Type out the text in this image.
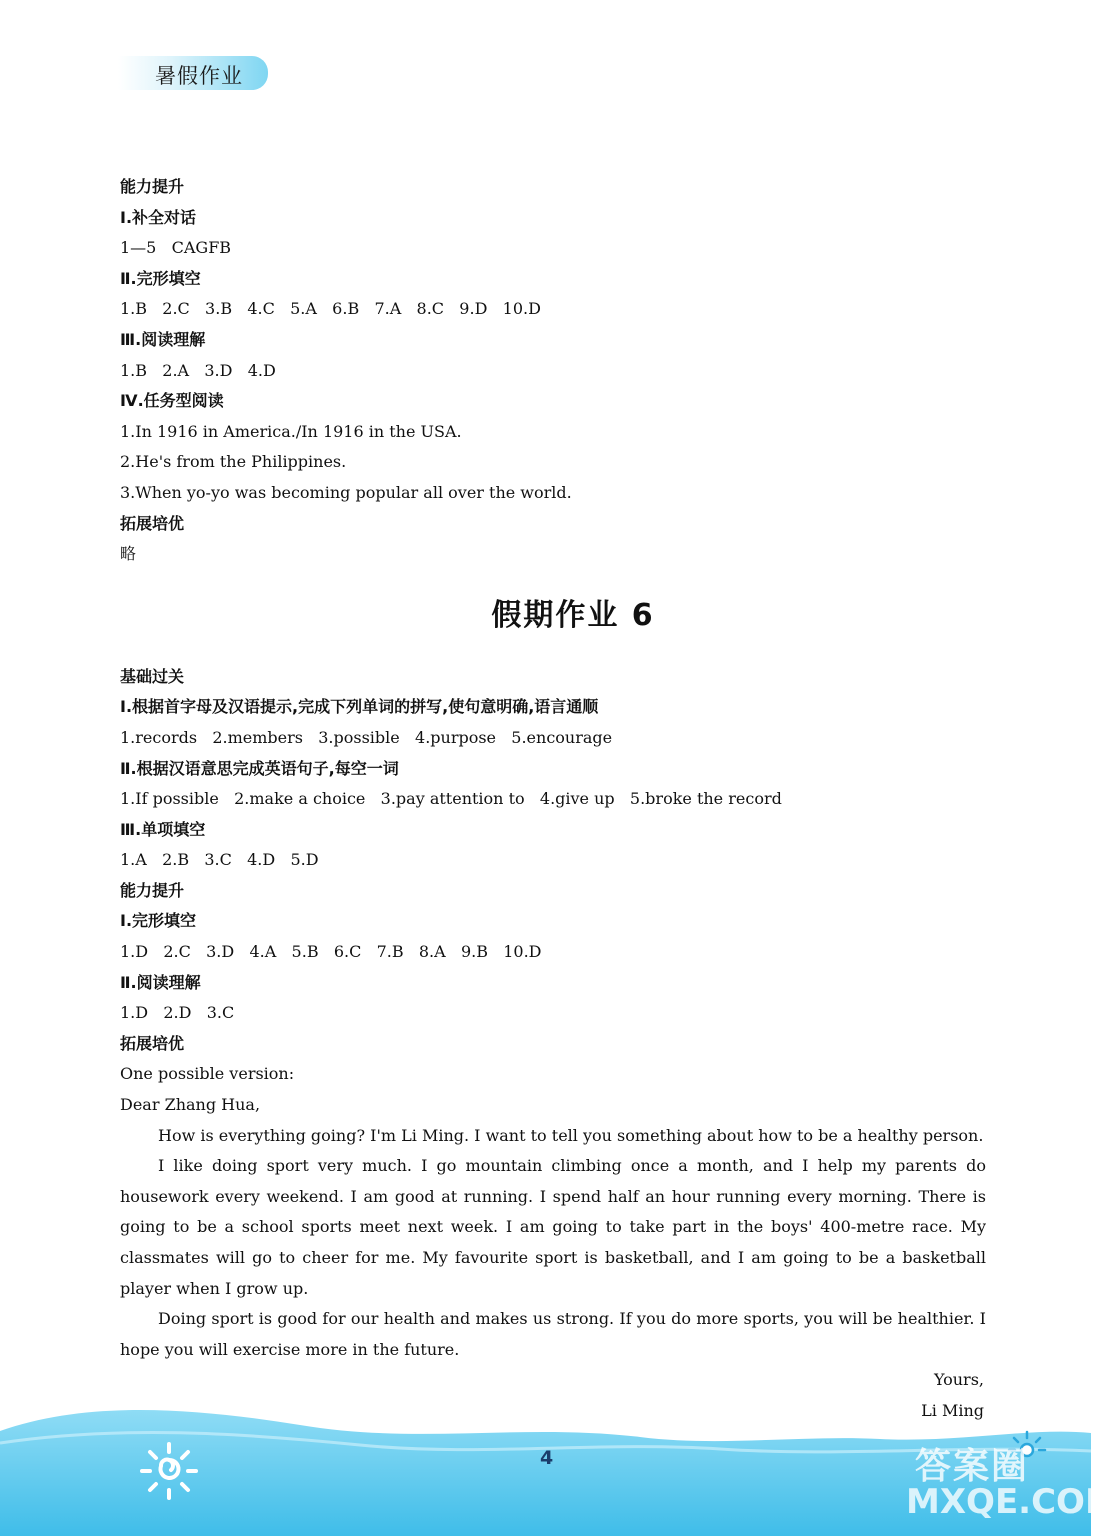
暑假作业
能力提升
Ⅰ.补全对话
1—5   CAGFB
Ⅱ.完形填空
1.B   2.C   3.B   4.C   5.A   6.B   7.A   8.C   9.D   10.D
Ⅲ.阅读理解
1.B   2.A   3.D   4.D
Ⅳ.任务型阅读
1.In 1916 in America./In 1916 in the USA.
2.He's from the Philippines.
3.When yo-yo was becoming popular all over the world.
拓展培优
略
假期作业 6
基础过关
Ⅰ.根据首字母及汉语提示,完成下列单词的拼写,使句意明确,语言通顺
1.records   2.members   3.possible   4.purpose   5.encourage
Ⅱ.根据汉语意思完成英语句子,每空一词
1.If possible   2.make a choice   3.pay attention to   4.give up   5.broke the record
Ⅲ.单项填空
1.A   2.B   3.C   4.D   5.D
能力提升
Ⅰ.完形填空
1.D   2.C   3.D   4.A   5.B   6.C   7.B   8.A   9.B   10.D
Ⅱ.阅读理解
1.D   2.D   3.C
拓展培优
One possible version:
Dear Zhang Hua,
How is everything going? I'm Li Ming. I want to tell you something about how to be a healthy person.
I like doing sport very much. I go mountain climbing once a month, and I help my parents do housework every weekend. I am good at running. I spend half an hour running every morning. There is going to be a school sports meet next week. I am going to take part in the boys' 400-metre race. My classmates will go to cheer for me. My favourite sport is basketball, and I am going to be a basketball player when I grow up.
Doing sport is good for our health and makes us strong. If you do more sports, you will be healthier. I hope you will exercise more in the future.
Yours,
Li Ming
4	答案圈
MXQE.COM
